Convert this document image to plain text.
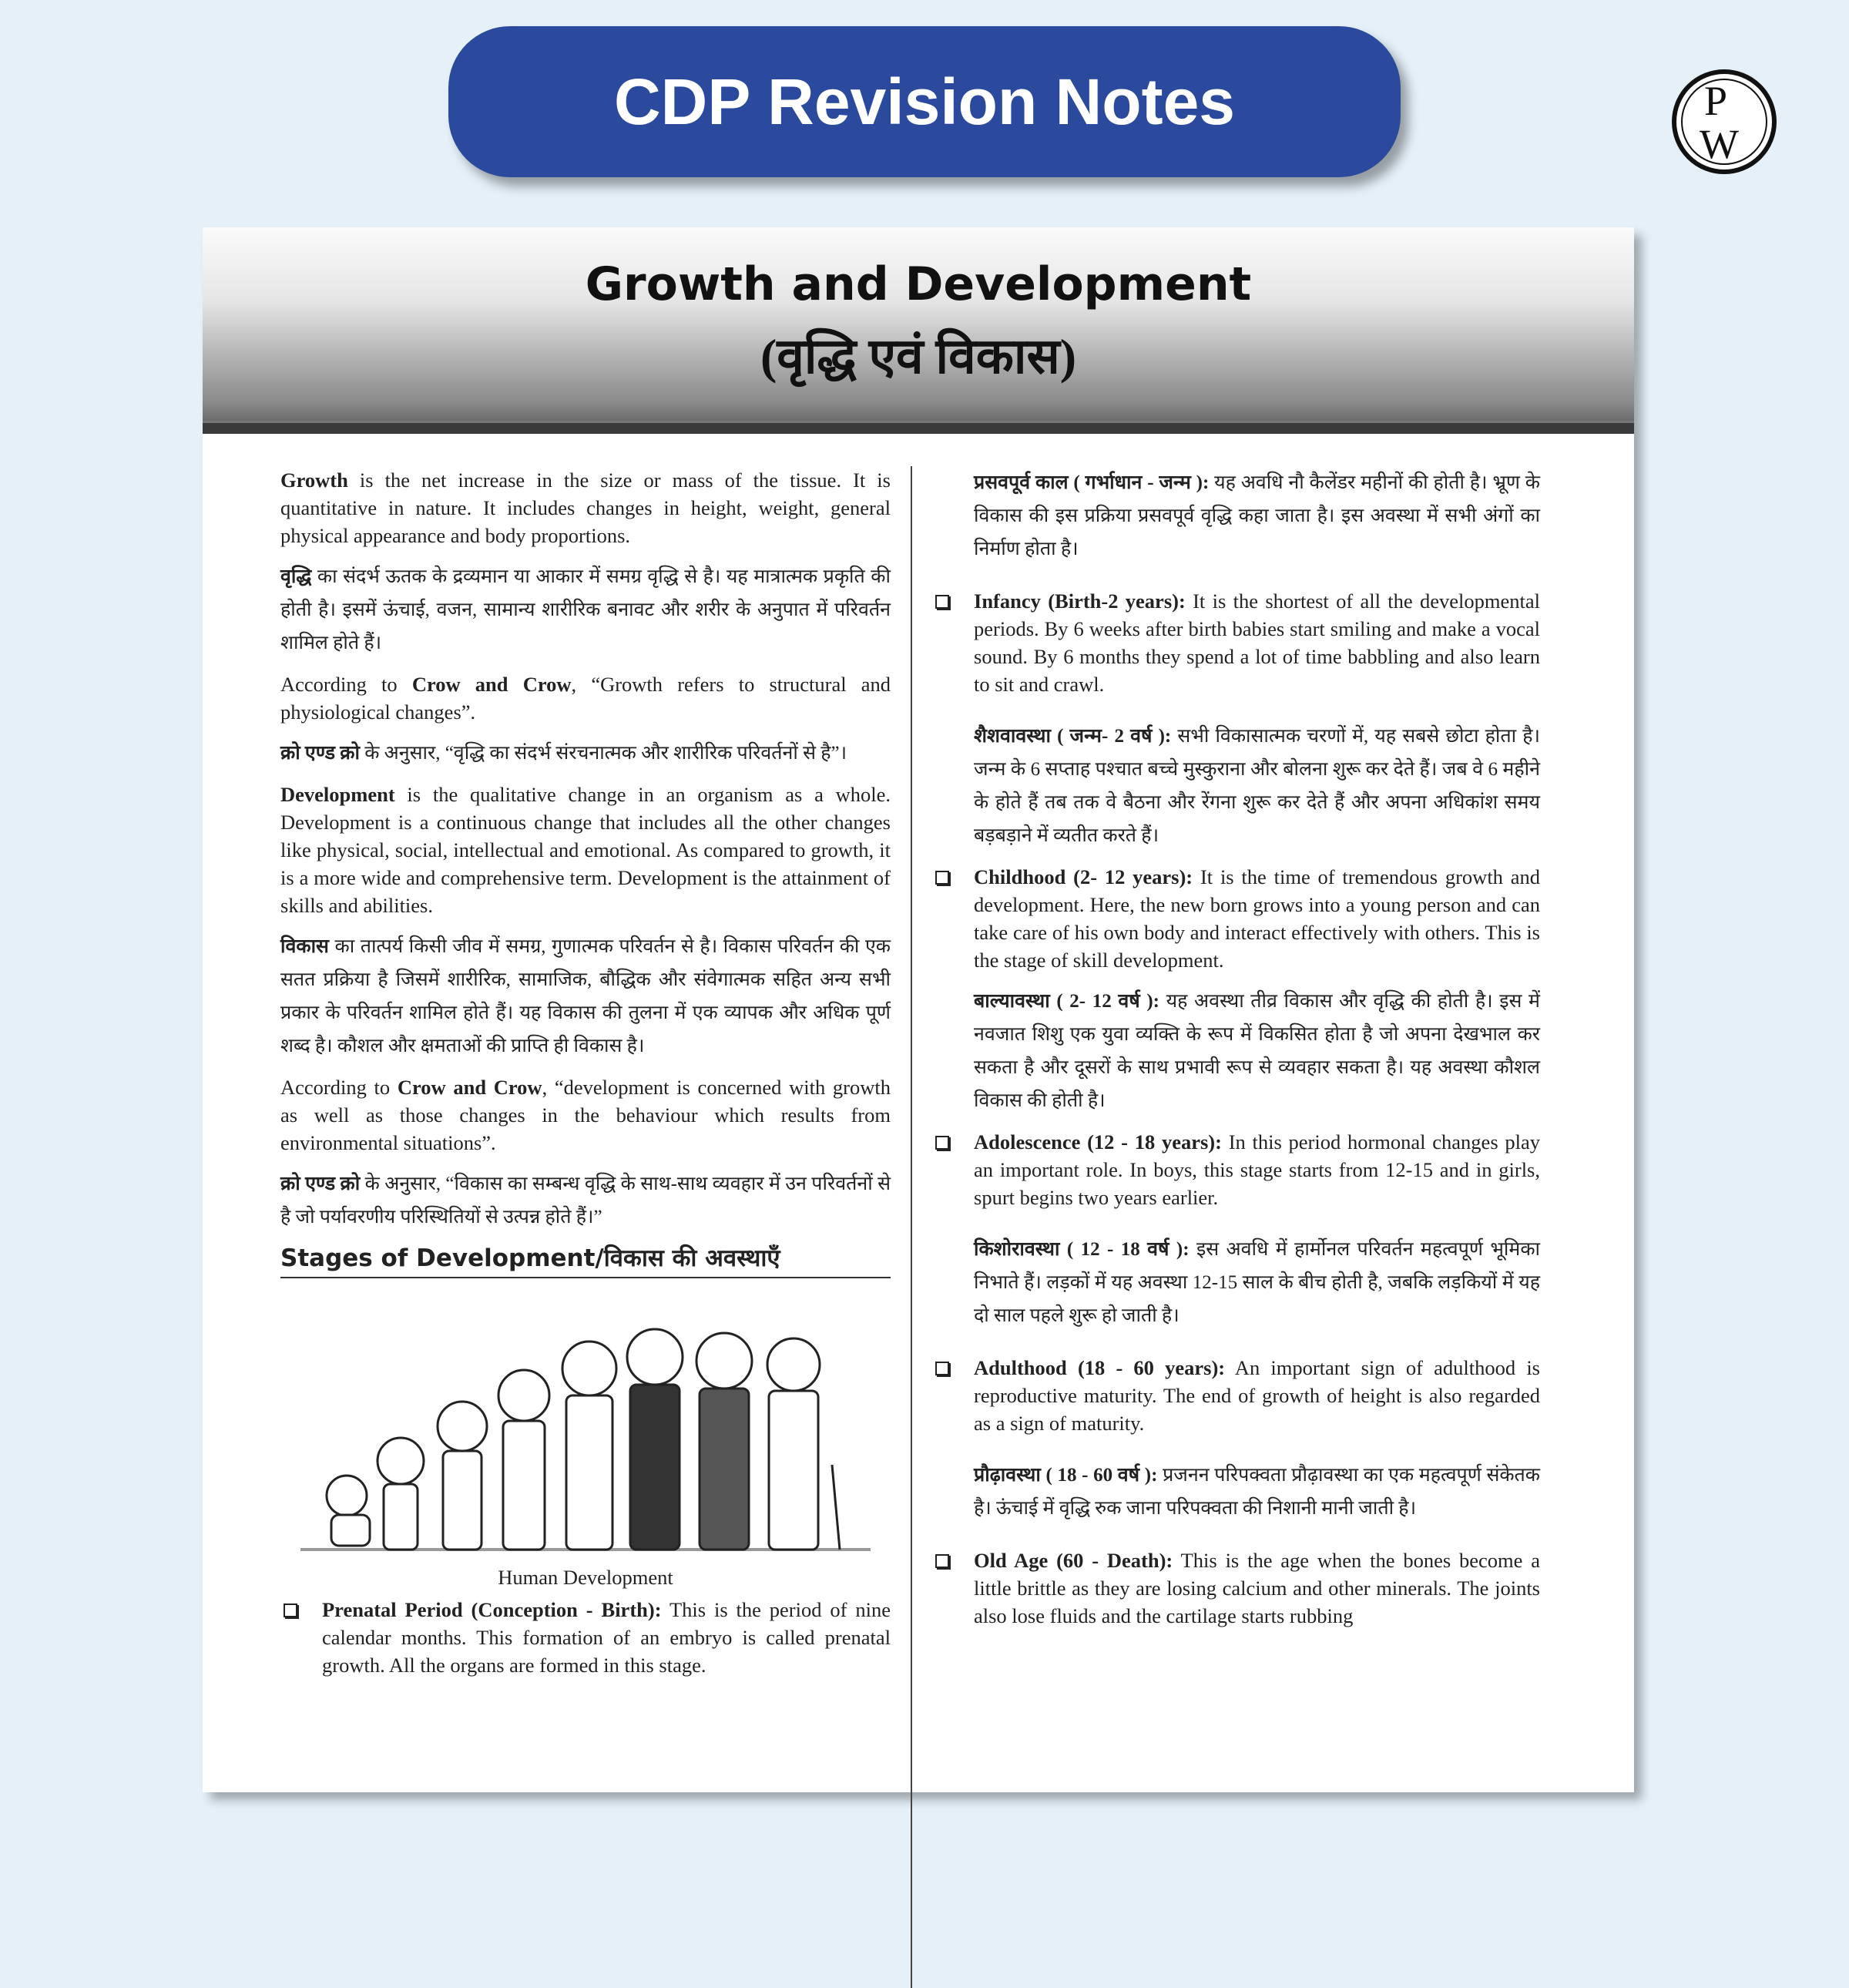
CDP Revision Notes	P
W
Growth and Development
(वृद्धि एवं विकास)

Growth is the net increase in the size or mass of the tissue. It is quantitative in nature. It includes changes in height, weight, general physical appearance and body proportions.

वृद्धि का संदर्भ ऊतक के द्रव्यमान या आकार में समग्र वृद्धि से है। यह मात्रात्मक प्रकृति की होती है। इसमें ऊंचाई, वजन, सामान्य शारीरिक बनावट और शरीर के अनुपात में परिवर्तन शामिल होते हैं।

According to Crow and Crow, “Growth refers to structural and physiological changes”.

क्रो एण्ड क्रो के अनुसार, “वृद्धि का संदर्भ संरचनात्मक और शारीरिक परिवर्तनों से है”।

Development is the qualitative change in an organism as a whole. Development is a continuous change that includes all the other changes like physical, social, intellectual and emotional. As compared to growth, it is a more wide and comprehensive term. Development is the attainment of skills and abilities.

विकास का तात्पर्य किसी जीव में समग्र, गुणात्मक परिवर्तन से है। विकास परिवर्तन की एक सतत प्रक्रिया है जिसमें शारीरिक, सामाजिक, बौद्धिक और संवेगात्मक सहित अन्य सभी प्रकार के परिवर्तन शामिल होते हैं। यह विकास की तुलना में एक व्यापक और अधिक पूर्ण शब्द है। कौशल और क्षमताओं की प्राप्ति ही विकास है।

According to Crow and Crow, “development is concerned with growth as well as those changes in the behaviour which results from environmental situations”.

क्रो एण्ड क्रो के अनुसार, “विकास का सम्बन्ध वृद्धि के साथ-साथ व्यवहार में उन परिवर्तनों से है जो पर्यावरणीय परिस्थितियों से उत्पन्न होते हैं।”

Stages of Development/विकास की अवस्थाएँ
Human Development

Prenatal Period (Conception - Birth): This is the period of nine calendar months. This formation of an embryo is called prenatal growth. All the organs are formed in this stage.

प्रसवपूर्व काल ( गर्भाधान - जन्म ): यह अवधि नौ कैलेंडर महीनों की होती है। भ्रूण के विकास की इस प्रक्रिया प्रसवपूर्व वृद्धि कहा जाता है। इस अवस्था में सभी अंगों का निर्माण होता है।

Infancy (Birth-2 years): It is the shortest of all the developmental periods. By 6 weeks after birth babies start smiling and make a vocal sound. By 6 months they spend a lot of time babbling and also learn to sit and crawl.

शैशवावस्था ( जन्म- 2 वर्ष ): सभी विकासात्मक चरणों में, यह सबसे छोटा होता है। जन्म के 6 सप्ताह पश्चात बच्चे मुस्कुराना और बोलना शुरू कर देते हैं। जब वे 6 महीने के होते हैं तब तक वे बैठना और रेंगना शुरू कर देते हैं और अपना अधिकांश समय बड़बड़ाने में व्यतीत करते हैं।

Childhood (2- 12 years): It is the time of tremendous growth and development. Here, the new born grows into a young person and can take care of his own body and interact effectively with others. This is the stage of skill development.

बाल्यावस्था ( 2- 12 वर्ष ): यह अवस्था तीव्र विकास और वृद्धि की होती है। इस में नवजात शिशु एक युवा व्यक्ति के रूप में विकसित होता है जो अपना देखभाल कर सकता है और दूसरों के साथ प्रभावी रूप से व्यवहार सकता है। यह अवस्था कौशल विकास की होती है।

Adolescence (12 - 18 years): In this period hormonal changes play an important role. In boys, this stage starts from 12-15 and in girls, spurt begins two years earlier.

किशोरावस्था ( 12 - 18 वर्ष ): इस अवधि में हार्मोनल परिवर्तन महत्वपूर्ण भूमिका निभाते हैं। लड़कों में यह अवस्था 12-15 साल के बीच होती है, जबकि लड़कियों में यह दो साल पहले शुरू हो जाती है।

Adulthood (18 - 60 years): An important sign of adulthood is reproductive maturity. The end of growth of height is also regarded as a sign of maturity.

प्रौढ़ावस्था ( 18 - 60 वर्ष ): प्रजनन परिपक्वता प्रौढ़ावस्था का एक महत्वपूर्ण संकेतक है। ऊंचाई में वृद्धि रुक जाना परिपक्वता की निशानी मानी जाती है।

Old Age (60 - Death): This is the age when the bones become a little brittle as they are losing calcium and other minerals. The joints also lose fluids and the cartilage starts rubbing
